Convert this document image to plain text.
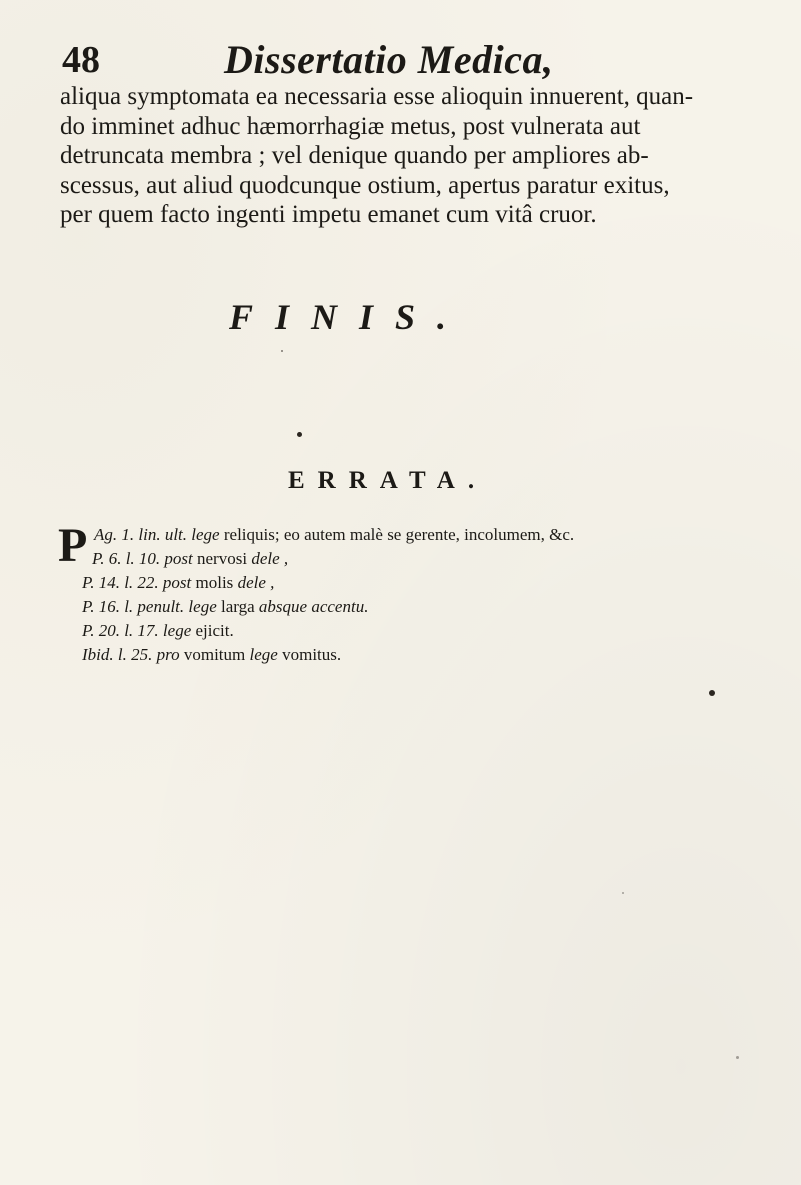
48	Dissertatio Medica,

aliqua symptomata ea necessaria esse alioquin innuerent, quan-
do imminet adhuc hæmorrhagiæ metus, post vulnerata aut
detruncata membra ; vel denique quando per ampliores ab-
scessus, aut aliud quodcunque ostium, apertus paratur exitus,
per quem facto ingenti impetu emanet cum vitâ cruor.

FINIS.
ERRATA.
P Ag. 1. lin. ult. lege reliquis; eo autem malè se gerente, incolumem, &c.
P. 6. l. 10. post nervosi dele ,
P. 14. l. 22. post molis dele ,
P. 16. l. penult. lege larga absque accentu.
P. 20. l. 17. lege ejicit.
Ibid. l. 25. pro vomitum lege vomitus.
